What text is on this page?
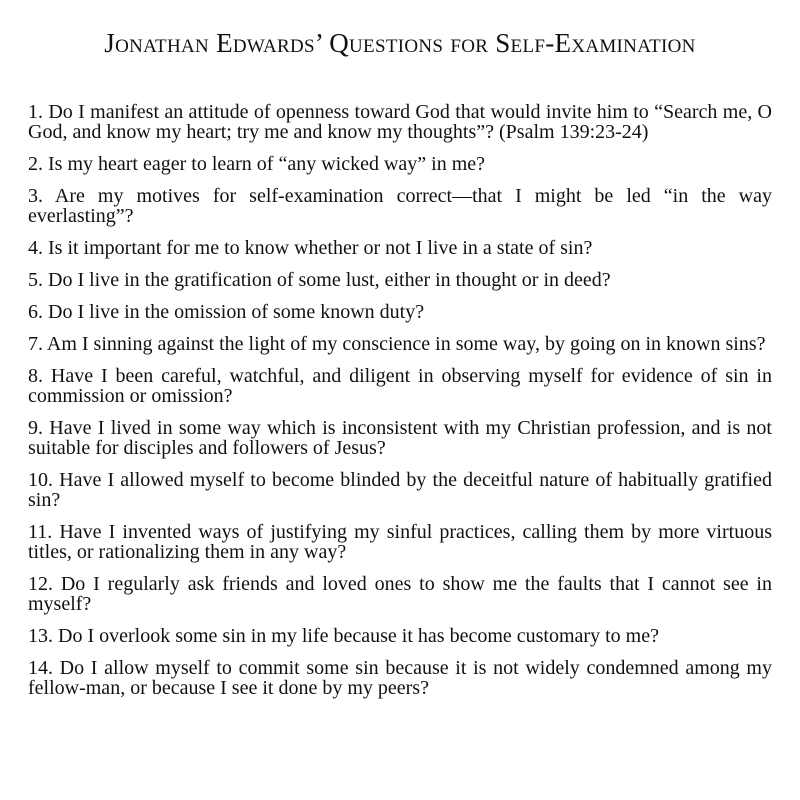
Jonathan Edwards’ Questions for Self-Examination
1. Do I manifest an attitude of openness toward God that would invite him to “Search me, O God, and know my heart; try me and know my thoughts”? (Psalm 139:23-24)
2. Is my heart eager to learn of “any wicked way” in me?
3. Are my motives for self-examination correct—that I might be led “in the way everlasting”?
4. Is it important for me to know whether or not I live in a state of sin?
5. Do I live in the gratification of some lust, either in thought or in deed?
6. Do I live in the omission of some known duty?
7. Am I sinning against the light of my conscience in some way, by going on in known sins?
8. Have I been careful, watchful, and diligent in observing myself for evidence of sin in commission or omission?
9. Have I lived in some way which is inconsistent with my Christian profession, and is not suitable for disciples and followers of Jesus?
10. Have I allowed myself to become blinded by the deceitful nature of habitually gratified sin?
11. Have I invented ways of justifying my sinful practices, calling them by more virtuous titles, or rationalizing them in any way?
12. Do I regularly ask friends and loved ones to show me the faults that I cannot see in myself?
13. Do I overlook some sin in my life because it has become customary to me?
14. Do I allow myself to commit some sin because it is not widely condemned among my fellow-man, or because I see it done by my peers?
